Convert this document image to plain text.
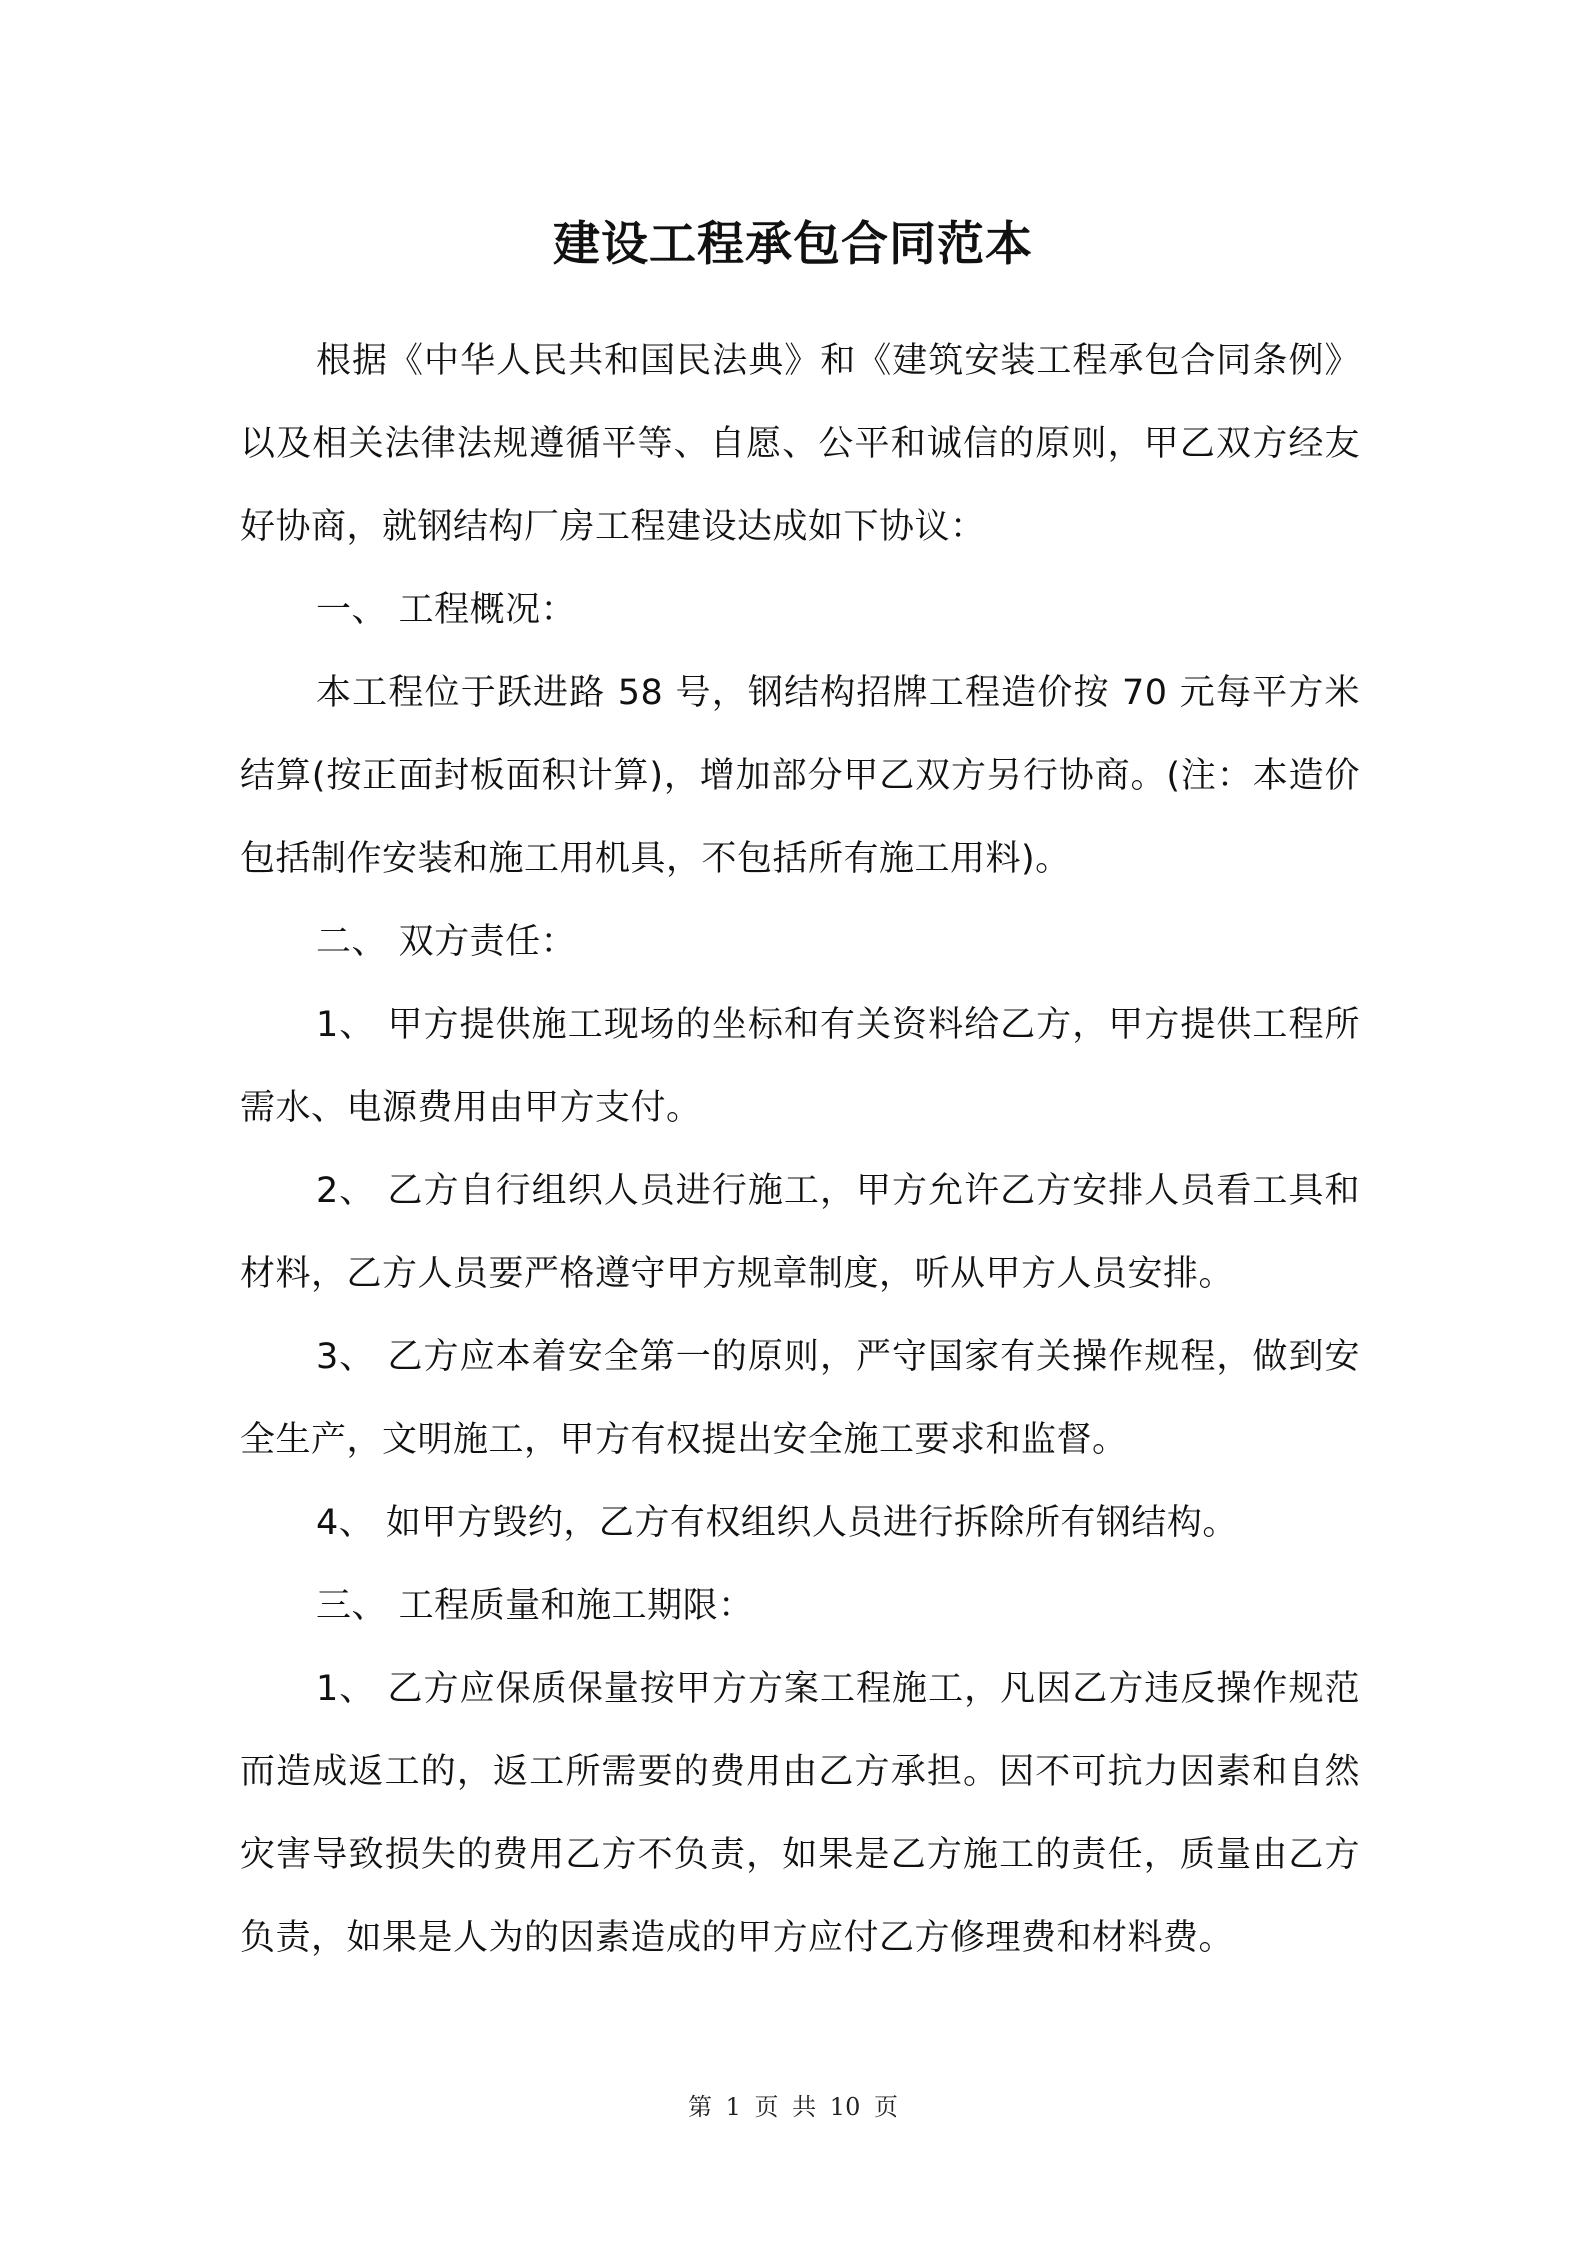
建设工程承包合同范本

根据《中华人民共和国民法典》和《建筑安装工程承包合同条例》以及相关法律法规遵循平等、自愿、公平和诚信的原则，甲乙双方经友好协商，就钢结构厂房工程建设达成如下协议：

一、 工程概况：

本工程位于跃进路 58 号，钢结构招牌工程造价按 70 元每平方米结算(按正面封板面积计算)，增加部分甲乙双方另行协商。(注：本造价包括制作安装和施工用机具，不包括所有施工用料)。

二、 双方责任：

1、 甲方提供施工现场的坐标和有关资料给乙方，甲方提供工程所需水、电源费用由甲方支付。

2、 乙方自行组织人员进行施工，甲方允许乙方安排人员看工具和材料，乙方人员要严格遵守甲方规章制度，听从甲方人员安排。

3、 乙方应本着安全第一的原则，严守国家有关操作规程，做到安全生产，文明施工，甲方有权提出安全施工要求和监督。

4、 如甲方毁约，乙方有权组织人员进行拆除所有钢结构。

三、 工程质量和施工期限：

1、 乙方应保质保量按甲方方案工程施工，凡因乙方违反操作规范而造成返工的，返工所需要的费用由乙方承担。因不可抗力因素和自然灾害导致损失的费用乙方不负责，如果是乙方施工的责任，质量由乙方负责，如果是人为的因素造成的甲方应付乙方修理费和材料费。

第 1 页 共 10 页
